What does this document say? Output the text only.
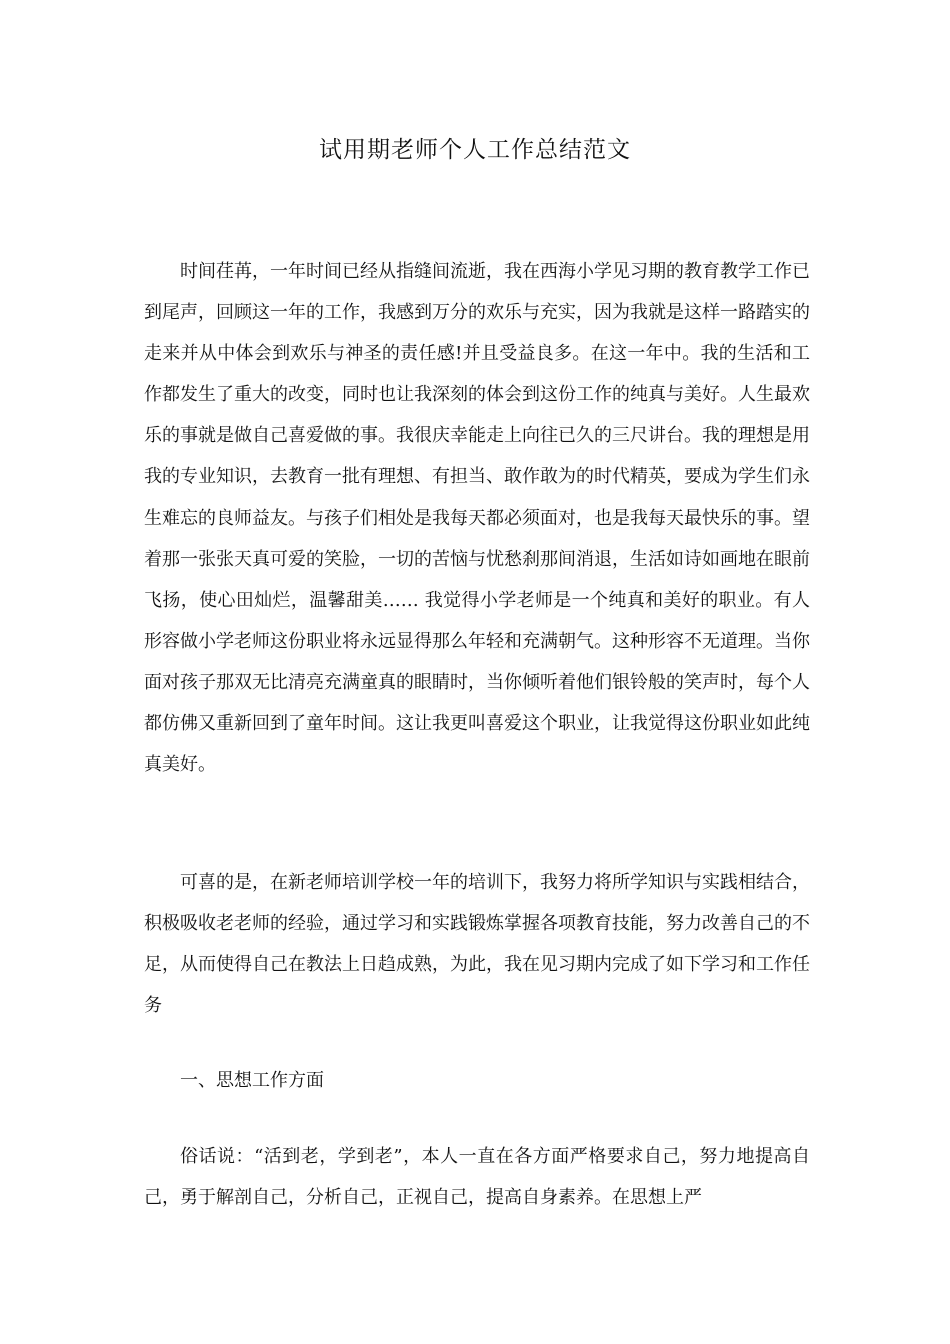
试用期老师个人工作总结范文

时间荏苒，一年时间已经从指缝间流逝，我在西海小学见习期的教育教学工作已到尾声，回顾这一年的工作，我感到万分的欢乐与充实，因为我就是这样一路踏实的走来并从中体会到欢乐与神圣的责任感!并且受益良多。在这一年中。我的生活和工作都发生了重大的改变，同时也让我深刻的体会到这份工作的纯真与美好。人生最欢乐的事就是做自己喜爱做的事。我很庆幸能走上向往已久的三尺讲台。我的理想是用我的专业知识，去教育一批有理想、有担当、敢作敢为的时代精英，要成为学生们永生难忘的良师益友。与孩子们相处是我每天都必须面对，也是我每天最快乐的事。望着那一张张天真可爱的笑脸，一切的苦恼与忧愁刹那间消退，生活如诗如画地在眼前飞扬，使心田灿烂，温馨甜美…… 我觉得小学老师是一个纯真和美好的职业。有人形容做小学老师这份职业将永远显得那么年轻和充满朝气。这种形容不无道理。当你面对孩子那双无比清亮充满童真的眼睛时，当你倾听着他们银铃般的笑声时，每个人都仿佛又重新回到了童年时间。这让我更叫喜爱这个职业，让我觉得这份职业如此纯真美好。

可喜的是，在新老师培训学校一年的培训下，我努力将所学知识与实践相结合，积极吸收老老师的经验，通过学习和实践锻炼掌握各项教育技能，努力改善自己的不足，从而使得自己在教法上日趋成熟，为此，我在见习期内完成了如下学习和工作任务

一、思想工作方面

俗话说：“活到老，学到老”，本人一直在各方面严格要求自己，努力地提高自己，勇于解剖自己，分析自己，正视自己，提高自身素养。在思想上严
